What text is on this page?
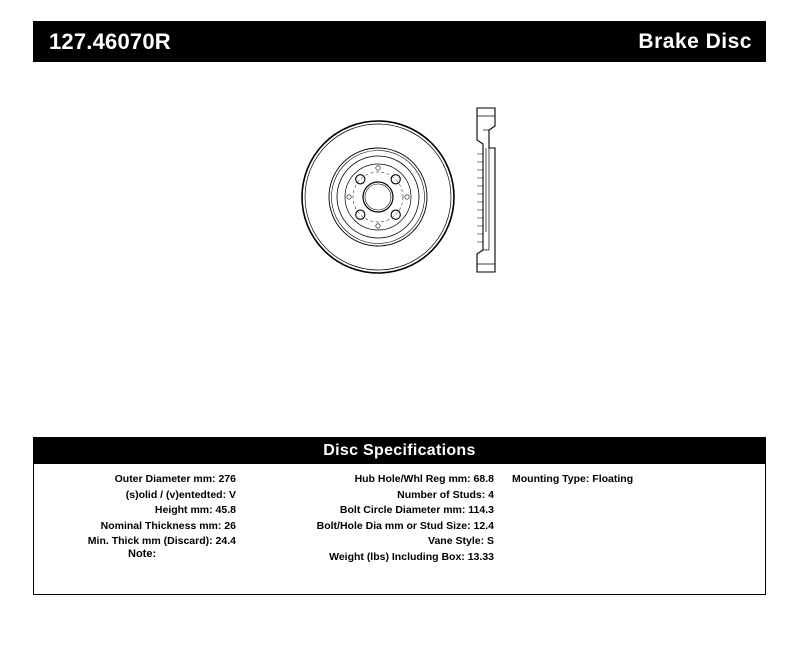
127.46070R	Brake Disc
Disc Specifications
Outer Diameter mm: 276
(s)olid / (v)entedted: V
Height mm: 45.8
Nominal Thickness mm: 26
Min. Thick mm (Discard): 24.4
Hub Hole/Whl Reg mm: 68.8
Number of Studs: 4
Bolt Circle Diameter mm: 114.3
Bolt/Hole Dia mm or Stud Size: 12.4
Vane Style: S
Weight (lbs) Including Box: 13.33
Mounting Type: Floating
Note:
